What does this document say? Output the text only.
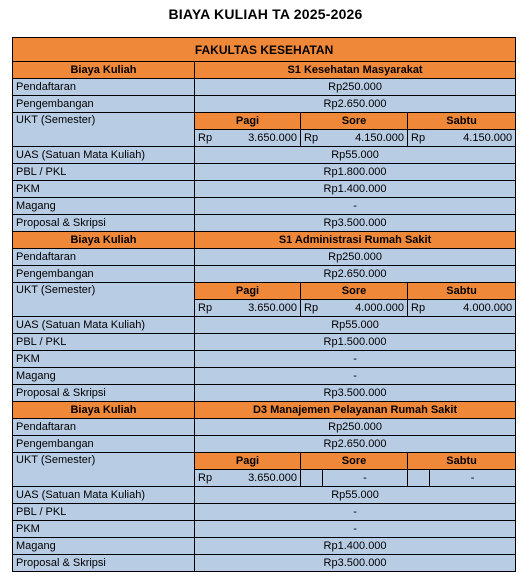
BIAYA KULIAH TA 2025-2026
FAKULTAS KESEHATAN						
Biaya Kuliah	S1 Kesehatan Masyarakat					
Pendaftaran	Rp250.000					
Pengembangan	Rp2.650.000					
UKT (Semester)	Pagi		Sore		Sabtu	
	Rp	3.650.000	Rp	4.150.000	Rp	4.150.000
UAS (Satuan Mata Kuliah)	Rp55.000					
PBL / PKL	Rp1.800.000					
PKM	Rp1.400.000					
Magang	-					
Proposal & Skripsi	Rp3.500.000					
Biaya Kuliah	S1 Administrasi Rumah Sakit					
Pendaftaran	Rp250.000					
Pengembangan	Rp2.650.000					
UKT (Semester)	Pagi		Sore		Sabtu	
	Rp	3.650.000	Rp	4.000.000	Rp	4.000.000
UAS (Satuan Mata Kuliah)	Rp55.000					
PBL / PKL	Rp1.500.000					
PKM	-					
Magang	-					
Proposal & Skripsi	Rp3.500.000					
Biaya Kuliah	D3 Manajemen Pelayanan Rumah Sakit					
Pendaftaran	Rp250.000					
Pengembangan	Rp2.650.000					
UKT (Semester)	Pagi		Sore		Sabtu	
	Rp	3.650.000		-		-
UAS (Satuan Mata Kuliah)	Rp55.000					
PBL / PKL	-					
PKM	-					
Magang	Rp1.400.000					
Proposal & Skripsi	Rp3.500.000					
